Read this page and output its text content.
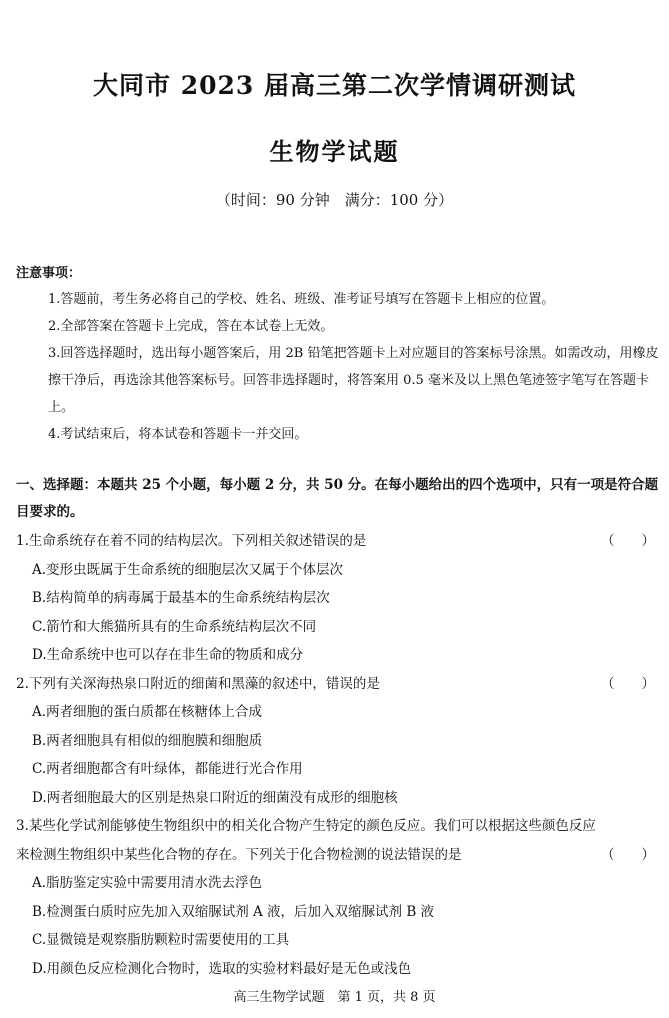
大同市 2023 届高三第二次学情调研测试
生物学试题
（时间：90 分钟　满分：100 分）
注意事项：

1.答题前，考生务必将自己的学校、姓名、班级、准考证号填写在答题卡上相应的位置。

2.全部答案在答题卡上完成，答在本试卷上无效。

3.回答选择题时，选出每小题答案后，用 2B 铅笔把答题卡上对应题目的答案标号涂黑。如需改动，用橡皮擦干净后，再选涂其他答案标号。回答非选择题时，将答案用 0.5 毫米及以上黑色笔迹签字笔写在答题卡上。

4.考试结束后，将本试卷和答题卡一并交回。

一、选择题：本题共 25 个小题，每小题 2 分，共 50 分。在每小题给出的四个选项中，只有一项是符合题目要求的。
1.生命系统存在着不同的结构层次。下列相关叙述错误的是	（　　）
A.变形虫既属于生命系统的细胞层次又属于个体层次
B.结构简单的病毒属于最基本的生命系统结构层次
C.箭竹和大熊猫所具有的生命系统结构层次不同
D.生命系统中也可以存在非生命的物质和成分
2.下列有关深海热泉口附近的细菌和黑藻的叙述中，错误的是	（　　）
A.两者细胞的蛋白质都在核糖体上合成
B.两者细胞具有相似的细胞膜和细胞质
C.两者细胞都含有叶绿体，都能进行光合作用
D.两者细胞最大的区别是热泉口附近的细菌没有成形的细胞核
3.某些化学试剂能够使生物组织中的相关化合物产生特定的颜色反应。我们可以根据这些颜色反应来检测生物组织中某些化合物的存在。下列关于化合物检测的说法错误的是	（　　）
A.脂肪鉴定实验中需要用清水洗去浮色
B.检测蛋白质时应先加入双缩脲试剂 A 液，后加入双缩脲试剂 B 液
C.显微镜是观察脂肪颗粒时需要使用的工具
D.用颜色反应检测化合物时，选取的实验材料最好是无色或浅色
高三生物学试题　第 1 页，共 8 页
